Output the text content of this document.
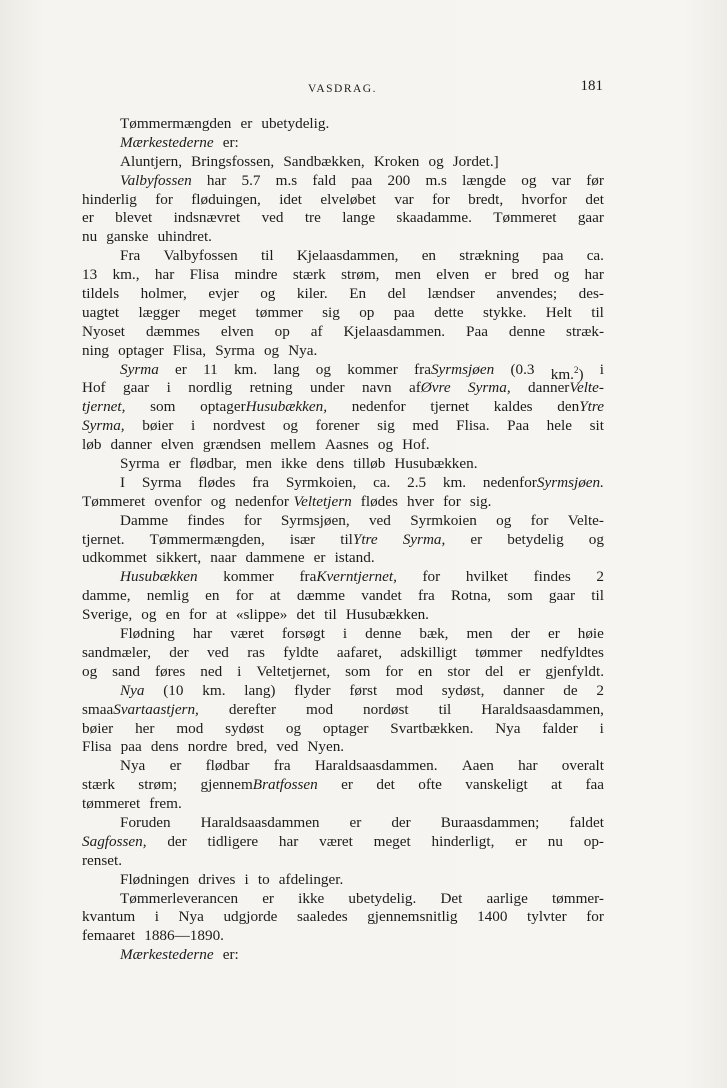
VASDRAG.	181
Tømmermængden er ubetydelig.
Mærkestederne er:
Aluntjern, Bringsfossen, Sandbækken, Kroken og Jordet.]
Valbyfossen har 5.7 m.s fald paa 200 m.s længde og var før
hinderlig for fløduingen, idet elveløbet var for bredt, hvorfor det
er blevet indsnævret ved tre lange skaadamme. Tømmeret gaar
nu ganske uhindret.
Fra Valbyfossen til Kjelaasdammen, en strækning paa ca.
13 km., har Flisa mindre stærk strøm, men elven er bred og har
tildels holmer, evjer og kiler. En del lændser anvendes; des-
uagtet lægger meget tømmer sig op paa dette stykke. Helt til
Nyoset dæmmes elven op af Kjelaasdammen. Paa denne stræk-
ning optager Flisa, Syrma og Nya.
Syrma er 11 km. lang og kommer fraSyrmsjøen (0.3 km.$^2$) i
Hof gaar i nordlig retning under navn afØvre Syrma, dannerVelte-
tjernet, som optagerHusubækken, nedenfor tjernet kaldes denYtre
Syrma, bøier i nordvest og forener sig med Flisa. Paa hele sit
løb danner elven grændsen mellem Aasnes og Hof.
Syrma er flødbar, men ikke dens tilløb Husubækken.
I Syrma flødes fra Syrmkoien, ca. 2.5 km. nedenforSyrmsjøen.
Tømmeret ovenfor og nedenfor Veltetjern flødes hver for sig.
Damme findes for Syrmsjøen, ved Syrmkoien og for Velte-
tjernet. Tømmermængden, især tilYtre Syrma, er betydelig og
udkommet sikkert, naar dammene er istand.
Husubækken kommer fraKverntjernet, for hvilket findes 2
damme, nemlig en for at dæmme vandet fra Rotna, som gaar til
Sverige, og en for at «slippe» det til Husubækken.
Flødning har været forsøgt i denne bæk, men der er høie
sandmæler, der ved ras fyldte aafaret, adskilligt tømmer nedfyldtes
og sand føres ned i Veltetjernet, som for en stor del er gjenfyldt.
Nya (10 km. lang) flyder først mod sydøst, danner de 2
smaaSvartaastjern, derefter mod nordøst til Haraldsaasdammen,
bøier her mod sydøst og optager Svartbækken. Nya falder i
Flisa paa dens nordre bred, ved Nyen.
Nya er flødbar fra Haraldsaasdammen. Aaen har overalt
stærk strøm; gjennemBratfossen er det ofte vanskeligt at faa
tømmeret frem.
Foruden Haraldsaasdammen er der Buraasdammen; faldet
Sagfossen, der tidligere har været meget hinderligt, er nu op-
renset.
Flødningen drives i to afdelinger.
Tømmerleverancen er ikke ubetydelig. Det aarlige tømmer-
kvantum i Nya udgjorde saaledes gjennemsnitlig 1400 tylvter for
femaaret 1886—1890.
Mærkestederne er:
